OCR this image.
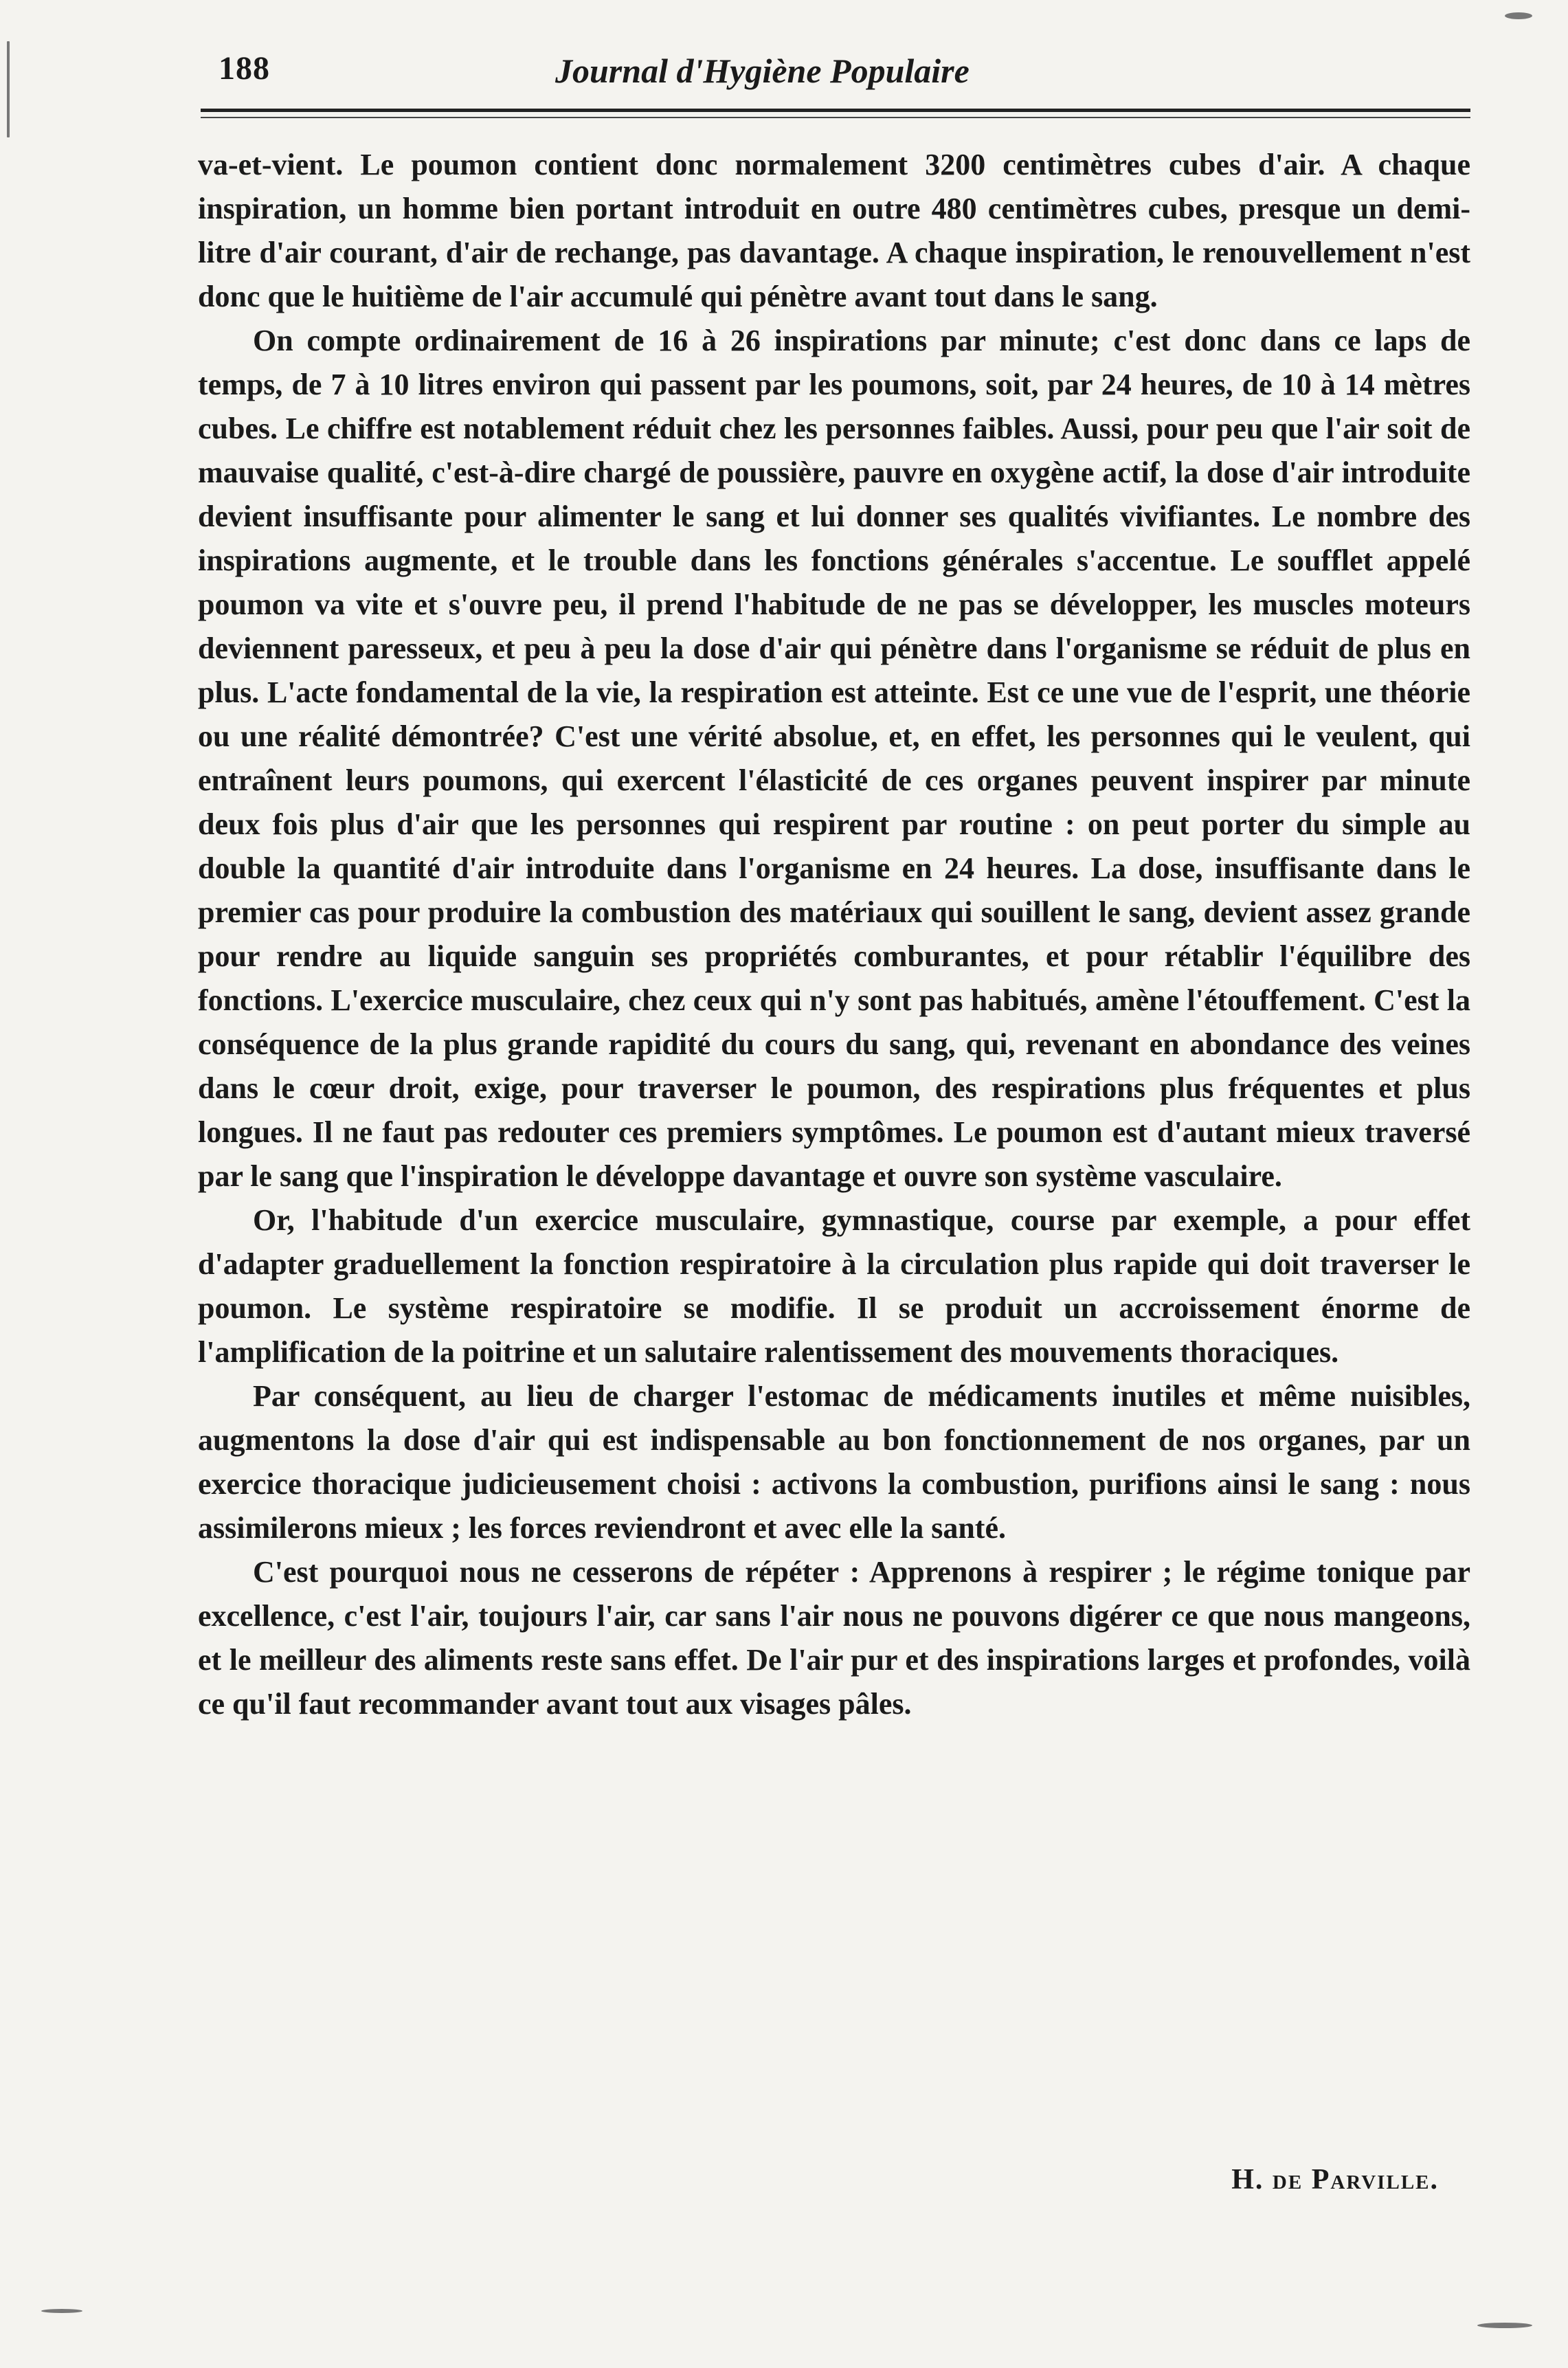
188	Journal d'Hygiène Populaire

va-et-vient. Le poumon contient donc normalement 3200 centimètres cubes d'air. A chaque inspiration, un homme bien portant introduit en outre 480 centimètres cubes, presque un demi-litre d'air courant, d'air de rechange, pas davantage. A chaque inspiration, le renouvellement n'est donc que le huitième de l'air accumulé qui pénètre avant tout dans le sang.

On compte ordinairement de 16 à 26 inspirations par minute; c'est donc dans ce laps de temps, de 7 à 10 litres environ qui passent par les poumons, soit, par 24 heures, de 10 à 14 mètres cubes. Le chiffre est notablement réduit chez les personnes faibles. Aussi, pour peu que l'air soit de mauvaise qualité, c'est-à-dire chargé de poussière, pauvre en oxygène actif, la dose d'air introduite devient insuffisante pour alimenter le sang et lui donner ses qualités vivifiantes. Le nombre des inspirations augmente, et le trouble dans les fonctions générales s'accentue. Le soufflet appelé poumon va vite et s'ouvre peu, il prend l'habitude de ne pas se développer, les muscles moteurs deviennent paresseux, et peu à peu la dose d'air qui pénètre dans l'organisme se réduit de plus en plus. L'acte fondamental de la vie, la respiration est atteinte. Est ce une vue de l'esprit, une théorie ou une réalité démontrée? C'est une vérité absolue, et, en effet, les personnes qui le veulent, qui entraînent leurs poumons, qui exercent l'élasticité de ces organes peuvent inspirer par minute deux fois plus d'air que les personnes qui respirent par routine : on peut porter du simple au double la quantité d'air introduite dans l'organisme en 24 heures. La dose, insuffisante dans le premier cas pour produire la combustion des matériaux qui souillent le sang, devient assez grande pour rendre au liquide sanguin ses propriétés comburantes, et pour rétablir l'équilibre des fonctions. L'exercice musculaire, chez ceux qui n'y sont pas habitués, amène l'étouffement. C'est la conséquence de la plus grande rapidité du cours du sang, qui, revenant en abondance des veines dans le cœur droit, exige, pour traverser le poumon, des respirations plus fréquentes et plus longues. Il ne faut pas redouter ces premiers symptômes. Le poumon est d'autant mieux traversé par le sang que l'inspiration le développe davantage et ouvre son système vasculaire.

Or, l'habitude d'un exercice musculaire, gymnastique, course par exemple, a pour effet d'adapter graduellement la fonction respiratoire à la circulation plus rapide qui doit traverser le poumon. Le système respiratoire se modifie. Il se produit un accroissement énorme de l'amplification de la poitrine et un salutaire ralentissement des mouvements thoraciques.

Par conséquent, au lieu de charger l'estomac de médicaments inutiles et même nuisibles, augmentons la dose d'air qui est indispensable au bon fonctionnement de nos organes, par un exercice thoracique judicieusement choisi : activons la combustion, purifions ainsi le sang : nous assimilerons mieux ; les forces reviendront et avec elle la santé.

C'est pourquoi nous ne cesserons de répéter : Apprenons à respirer ; le régime tonique par excellence, c'est l'air, toujours l'air, car sans l'air nous ne pouvons digérer ce que nous mangeons, et le meilleur des aliments reste sans effet. De l'air pur et des inspirations larges et profondes, voilà ce qu'il faut recommander avant tout aux visages pâles.

H. de Parville.
